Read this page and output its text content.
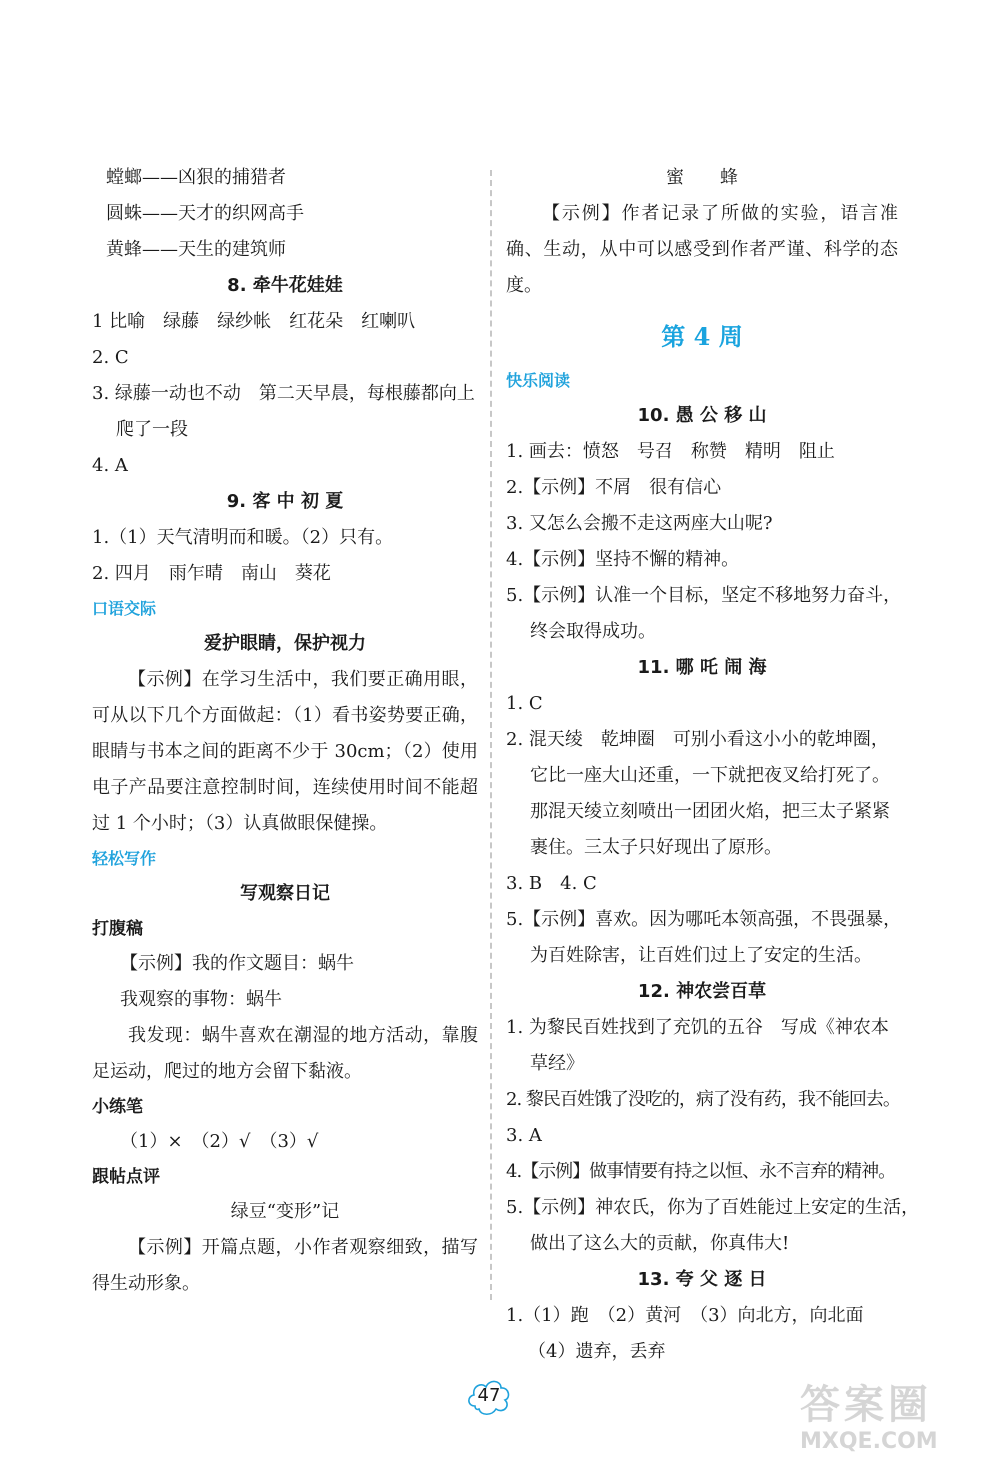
螳螂——凶狠的捕猎者
圆蛛——天才的织网高手
黄蜂——天生的建筑师
8. 牵牛花娃娃
1 比喻　绿藤　绿纱帐　红花朵　红喇叭
2. C
3. 绿藤一动也不动　第二天早晨，每根藤都向上
爬了一段
4. A
9. 客 中 初 夏
1.（1）天气清明而和暖。（2）只有。
2. 四月　雨乍晴　南山　葵花
口语交际
爱护眼睛，保护视力
【示例】在学习生活中，我们要正确用眼，可从以下几个方面做起：（1）看书姿势要正确，眼睛与书本之间的距离不少于 30cm；（2）使用电子产品要注意控制时间，连续使用时间不能超过 1 个小时；（3）认真做眼保健操。
轻松写作
写观察日记
打腹稿
【示例】我的作文题目：蜗牛
我观察的事物：蜗牛
我发现：蜗牛喜欢在潮湿的地方活动，靠腹足运动，爬过的地方会留下黏液。
小练笔
（1）×　（2）√　（3）√
跟帖点评
绿豆“变形”记
【示例】开篇点题，小作者观察细致，描写得生动形象。
蜜　　蜂
【示例】作者记录了所做的实验，语言准确、生动，从中可以感受到作者严谨、科学的态度。
第 4 周
快乐阅读
10. 愚 公 移 山
1. 画去：愤怒　号召　称赞　精明　阻止
2.【示例】不屑　很有信心
3. 又怎么会搬不走这两座大山呢?
4.【示例】坚持不懈的精神。
5.【示例】认准一个目标，坚定不移地努力奋斗，
终会取得成功。
11. 哪 吒 闹 海
1. C
2. 混天绫　乾坤圈　可别小看这小小的乾坤圈，
它比一座大山还重，一下就把夜叉给打死了。
那混天绫立刻喷出一团团火焰，把三太子紧紧
裹住。三太子只好现出了原形。
3. B　4. C
5.【示例】喜欢。因为哪吒本领高强，不畏强暴，
为百姓除害，让百姓们过上了安定的生活。
12. 神农尝百草
1. 为黎民百姓找到了充饥的五谷　写成《神农本
草经》
2. 黎民百姓饿了没吃的，病了没有药，我不能回去。
3. A
4.【示例】做事情要有持之以恒、永不言弃的精神。
5.【示例】神农氏，你为了百姓能过上安定的生活，
做出了这么大的贡献，你真伟大!
13. 夸 父 逐 日
1.（1）跑　（2）黄河　（3）向北方，向北面
（4）遗弃，丢弃
47	答案圈
MXQE.COM
